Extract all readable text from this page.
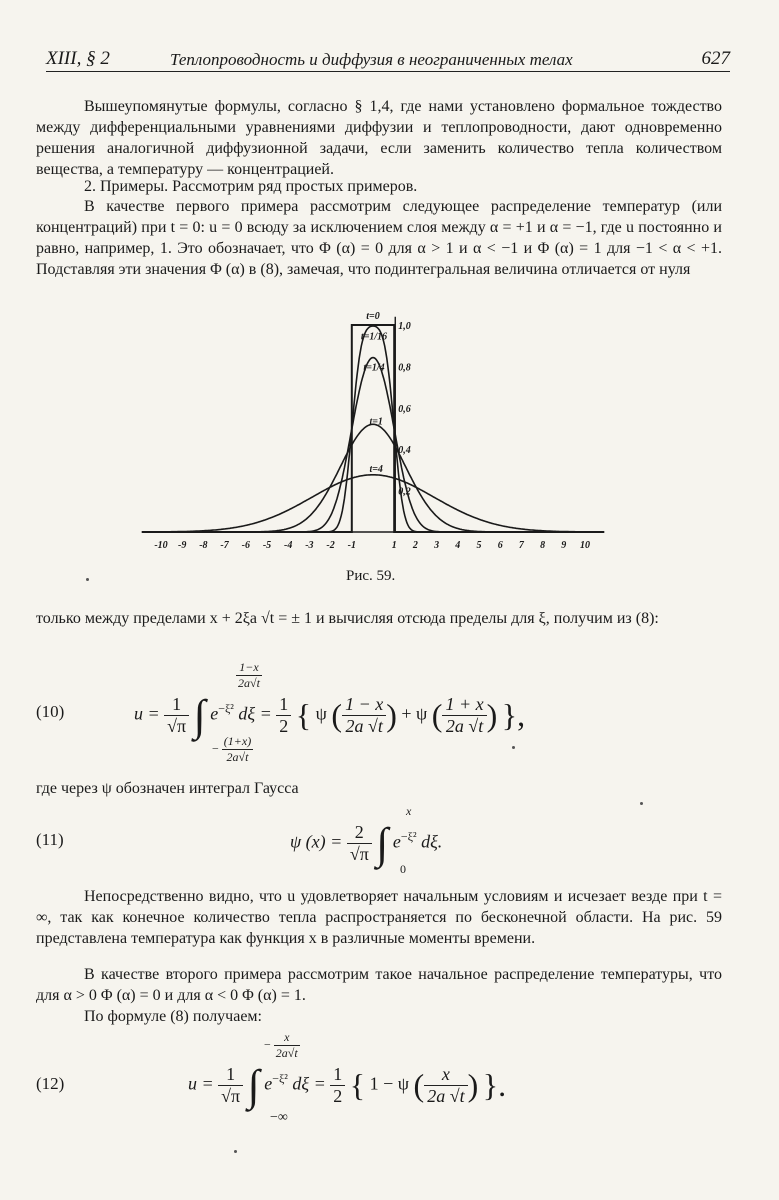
XIII, § 2	Теплопроводность и диффузия в неограниченных телах	627

Вышеупомянутые формулы, согласно § 1,4, где нами установлено формальное тождество между дифференциальными уравнениями диффузии и теплопроводности, дают одновременно решения аналогичной диффузионной задачи, если заменить количество тепла количеством вещества, а температуру — концентрацией.

2. Примеры. Рассмотрим ряд простых примеров.

В качестве первого примера рассмотрим следующее распределение температур (или концентраций) при t = 0: u = 0 всюду за исключением слоя между α = +1 и α = −1, где u постоянно и равно, например, 1. Это обозначает, что Φ (α) = 0 для α > 1 и α < −1 и Φ (α) = 1 для −1 < α < +1. Подставляя эти значения Φ (α) в (8), замечая, что подинтегральная величина отличается от нуля

1,0
0,8
0,6
0,4
0,2
-10 -9 -8 -7 -6 -5 -4 -3 -2 -1	1 2 3 4 5 6 7 8 9 10
t=0
t=1/16
t=1/4
t=1
t=4
Рис. 59.

только между пределами x + 2ξa √t = ± 1 и вычисляя отсюда пределы для ξ, получим из (8):

(10)	$u = \frac{1}{√\pi}$ ∫ $e^{-\xi^2}$ $d\xi = \frac{1}{2}$ { ψ ( $\frac{1 - x}{2a √t}$ ) + ψ ( $\frac{1 + x}{2a √t}$ ) },
$\frac{1-x}{2a√t}$
− $\frac{(1+x)}{2a√t}$

где через ψ обозначен интеграл Гаусса

(11)	ψ $(x) = \frac{2}{√\pi}$ ∫ $e^{-\xi^2}$ dξ.
x
0

Непосредственно видно, что u удовлетворяет начальным условиям и исчезает везде при t = ∞, так как конечное количество тепла распространяется по бесконечной области. На рис. 59 представлена температура как функция x в различные моменты времени.

В качестве второго примера рассмотрим такое начальное распределение температуры, что для α > 0 Φ (α) = 0 и для α < 0 Φ (α) = 1.

По формуле (8) получаем:

(12)	$u = \frac{1}{√\pi}$ ∫ $e^{-\xi^2}$ $d\xi = \frac{1}{2}$ { 1 − ψ ( $\frac{x}{2a √t}$ ) }.
− $\frac{x}{2a√t}$
−∞
